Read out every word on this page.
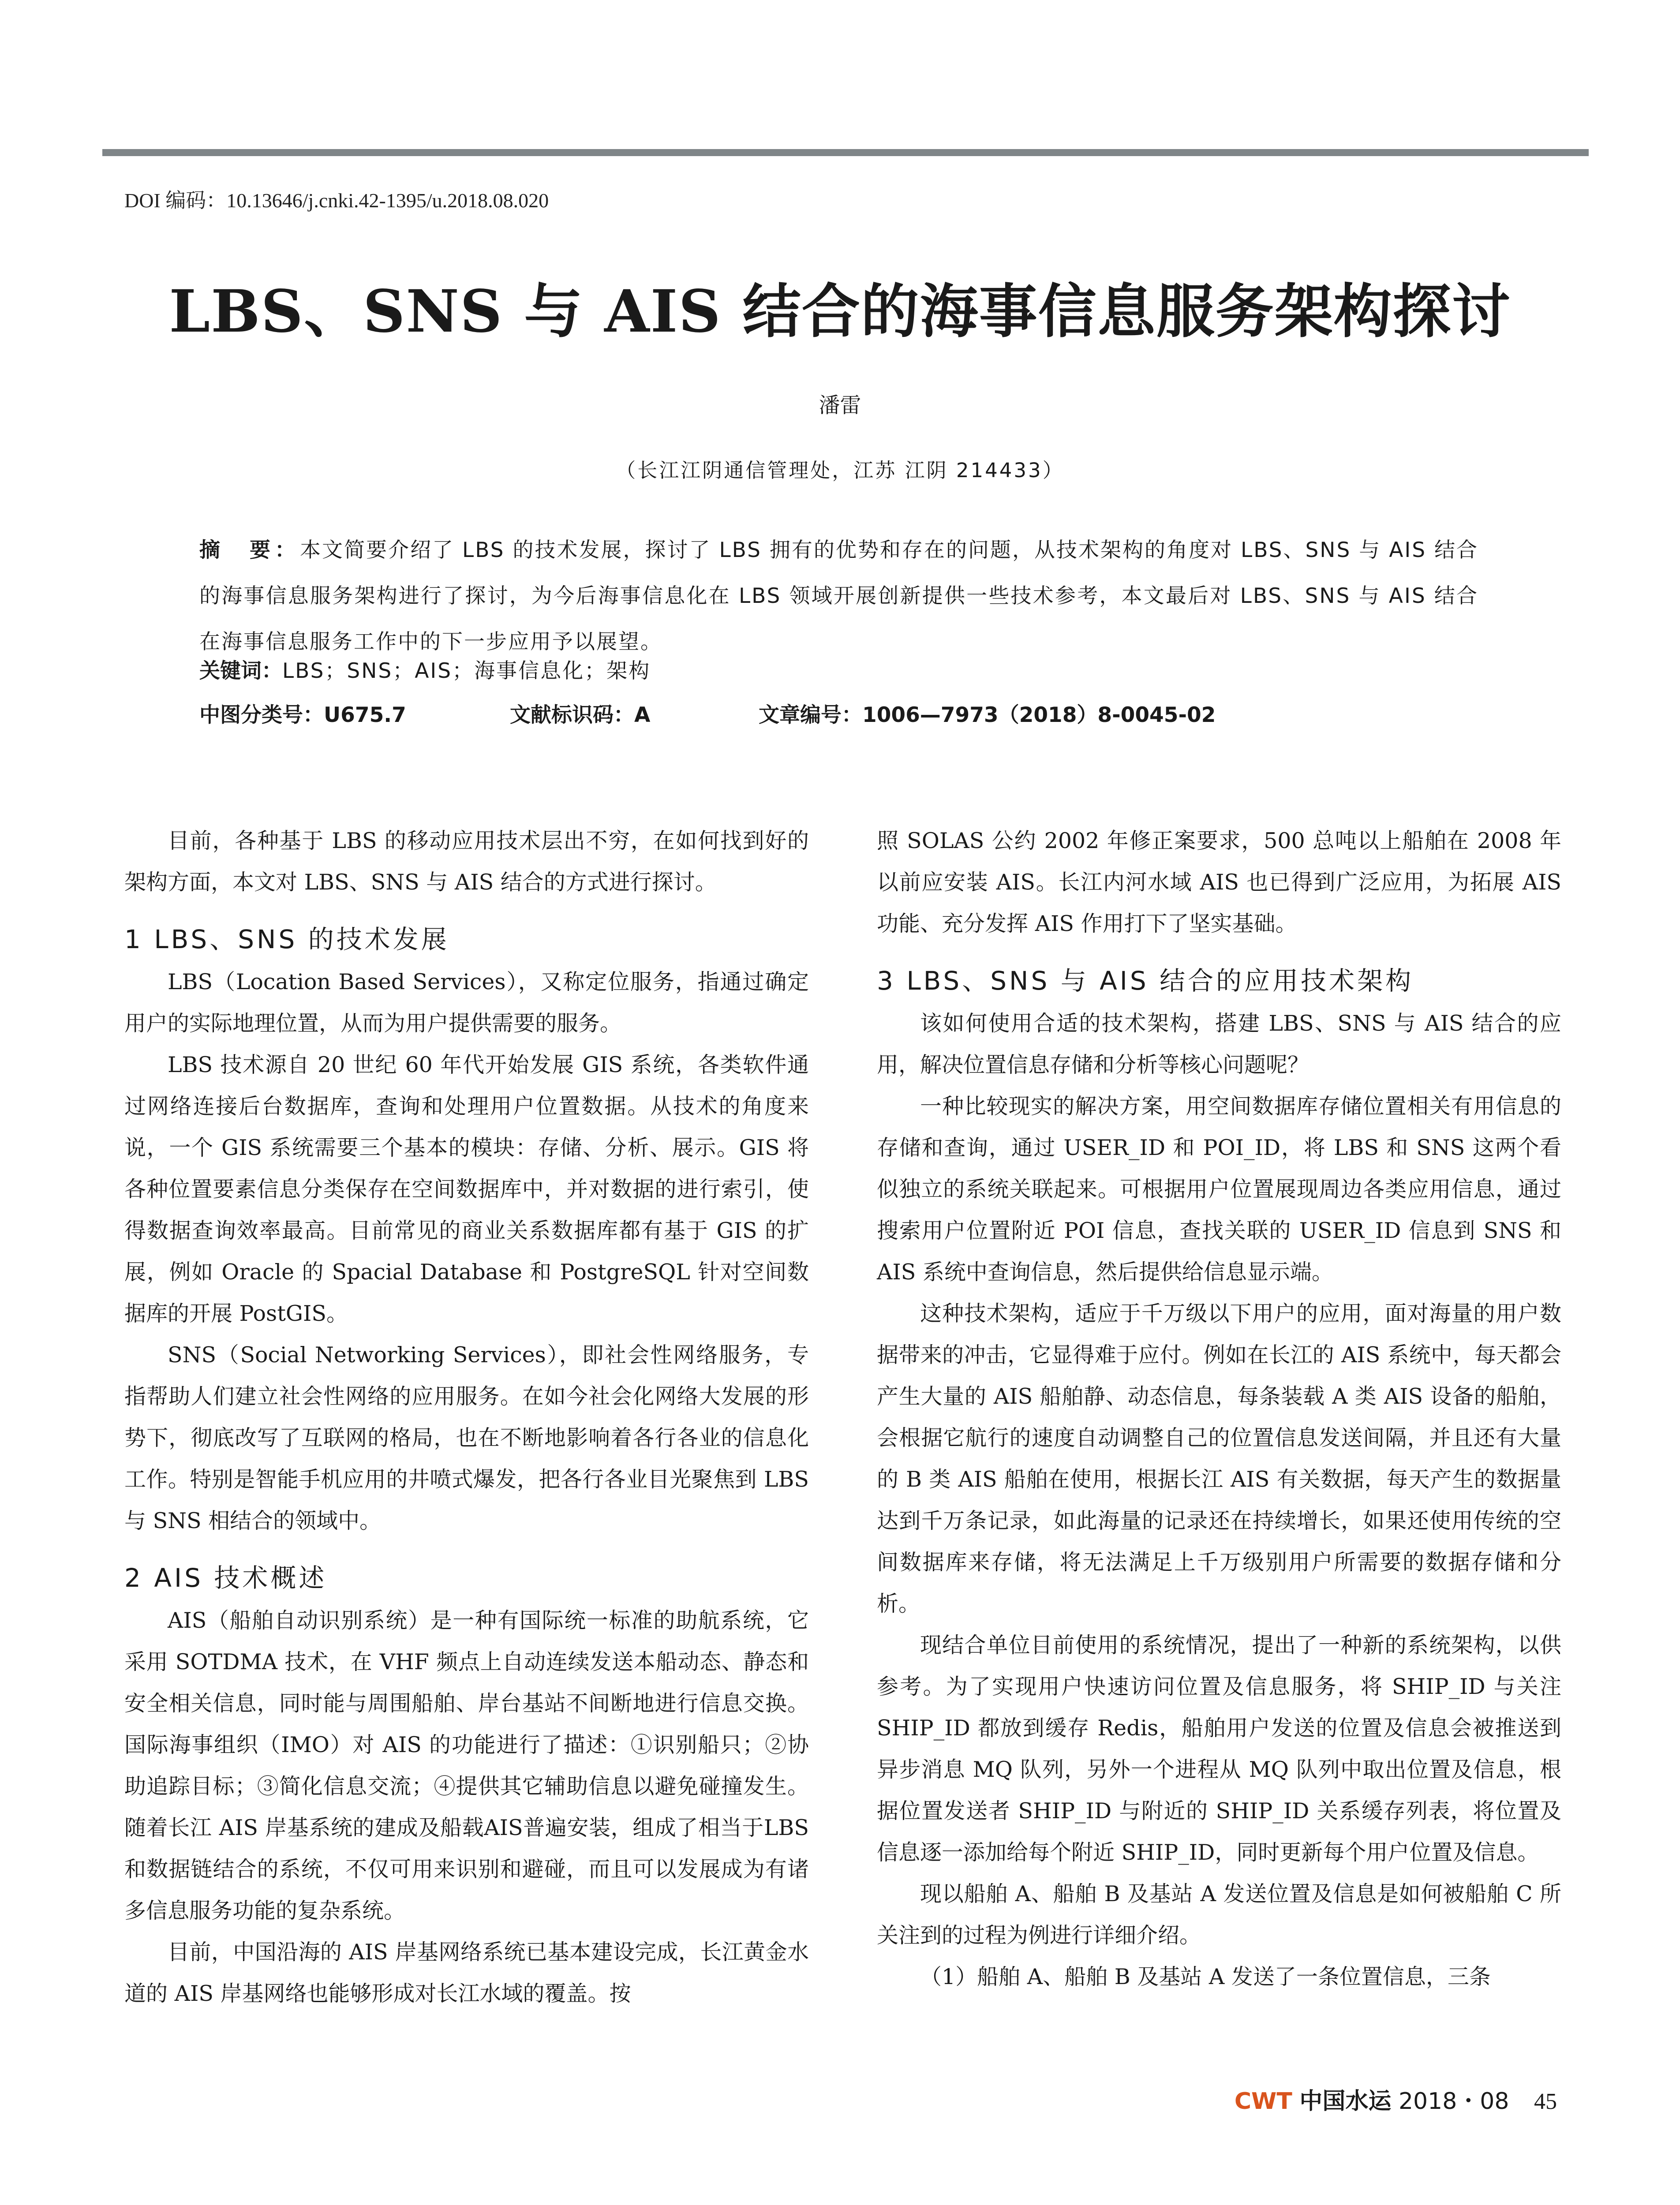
DOI 编码：10.13646/j.cnki.42-1395/u.2018.08.020
LBS、SNS 与 AIS 结合的海事信息服务架构探讨
潘雷
（长江江阴通信管理处，江苏 江阴 214433）
摘　要：本文简要介绍了 LBS 的技术发展，探讨了 LBS 拥有的优势和存在的问题，从技术架构的角度对 LBS、SNS 与 AIS 结合的海事信息服务架构进行了探讨，为今后海事信息化在 LBS 领域开展创新提供一些技术参考，本文最后对 LBS、SNS 与 AIS 结合在海事信息服务工作中的下一步应用予以展望。
关键词：LBS；SNS；AIS；海事信息化；架构
中图分类号：U675.7	文献标识码：A	文章编号：1006—7973（2018）8-0045-02

目前，各种基于 LBS 的移动应用技术层出不穷，在如何找到好的架构方面，本文对 LBS、SNS 与 AIS 结合的方式进行探讨。

1 LBS、SNS 的技术发展

LBS（Location Based Services），又称定位服务，指通过确定用户的实际地理位置，从而为用户提供需要的服务。

LBS 技术源自 20 世纪 60 年代开始发展 GIS 系统，各类软件通过网络连接后台数据库，查询和处理用户位置数据。从技术的角度来说，一个 GIS 系统需要三个基本的模块：存储、分析、展示。GIS 将各种位置要素信息分类保存在空间数据库中，并对数据的进行索引，使得数据查询效率最高。目前常见的商业关系数据库都有基于 GIS 的扩展，例如 Oracle 的 Spacial Database 和 PostgreSQL 针对空间数据库的开展 PostGIS。

SNS（Social Networking Services），即社会性网络服务，专指帮助人们建立社会性网络的应用服务。在如今社会化网络大发展的形势下，彻底改写了互联网的格局，也在不断地影响着各行各业的信息化工作。特别是智能手机应用的井喷式爆发，把各行各业目光聚焦到 LBS 与 SNS 相结合的领域中。

2 AIS 技术概述

AIS（船舶自动识别系统）是一种有国际统一标准的助航系统，它采用 SOTDMA 技术，在 VHF 频点上自动连续发送本船动态、静态和安全相关信息，同时能与周围船舶、岸台基站不间断地进行信息交换。国际海事组织（IMO）对 AIS 的功能进行了描述：①识别船只；②协助追踪目标；③简化信息交流；④提供其它辅助信息以避免碰撞发生。随着长江 AIS 岸基系统的建成及船载AIS普遍安装，组成了相当于LBS和数据链结合的系统，不仅可用来识别和避碰，而且可以发展成为有诸多信息服务功能的复杂系统。

目前，中国沿海的 AIS 岸基网络系统已基本建设完成，长江黄金水道的 AIS 岸基网络也能够形成对长江水域的覆盖。按

照 SOLAS 公约 2002 年修正案要求，500 总吨以上船舶在 2008 年以前应安装 AIS。长江内河水域 AIS 也已得到广泛应用，为拓展 AIS 功能、充分发挥 AIS 作用打下了坚实基础。

3 LBS、SNS 与 AIS 结合的应用技术架构

该如何使用合适的技术架构，搭建 LBS、SNS 与 AIS 结合的应用，解决位置信息存储和分析等核心问题呢？

一种比较现实的解决方案，用空间数据库存储位置相关有用信息的存储和查询，通过 USER_ID 和 POI_ID，将 LBS 和 SNS 这两个看似独立的系统关联起来。可根据用户位置展现周边各类应用信息，通过搜索用户位置附近 POI 信息，查找关联的 USER_ID 信息到 SNS 和 AIS 系统中查询信息，然后提供给信息显示端。

这种技术架构，适应于千万级以下用户的应用，面对海量的用户数据带来的冲击，它显得难于应付。例如在长江的 AIS 系统中，每天都会产生大量的 AIS 船舶静、动态信息，每条装载 A 类 AIS 设备的船舶，会根据它航行的速度自动调整自己的位置信息发送间隔，并且还有大量的 B 类 AIS 船舶在使用，根据长江 AIS 有关数据，每天产生的数据量达到千万条记录，如此海量的记录还在持续增长，如果还使用传统的空间数据库来存储，将无法满足上千万级别用户所需要的数据存储和分析。

现结合单位目前使用的系统情况，提出了一种新的系统架构，以供参考。为了实现用户快速访问位置及信息服务，将 SHIP_ID 与关注 SHIP_ID 都放到缓存 Redis，船舶用户发送的位置及信息会被推送到异步消息 MQ 队列，另外一个进程从 MQ 队列中取出位置及信息，根据位置发送者 SHIP_ID 与附近的 SHIP_ID 关系缓存列表，将位置及信息逐一添加给每个附近 SHIP_ID，同时更新每个用户位置及信息。

现以船舶 A、船舶 B 及基站 A 发送位置及信息是如何被船舶 C 所关注到的过程为例进行详细介绍。

（1）船舶 A、船舶 B 及基站 A 发送了一条位置信息，三条

CWT 中国水运 2018・08 45
